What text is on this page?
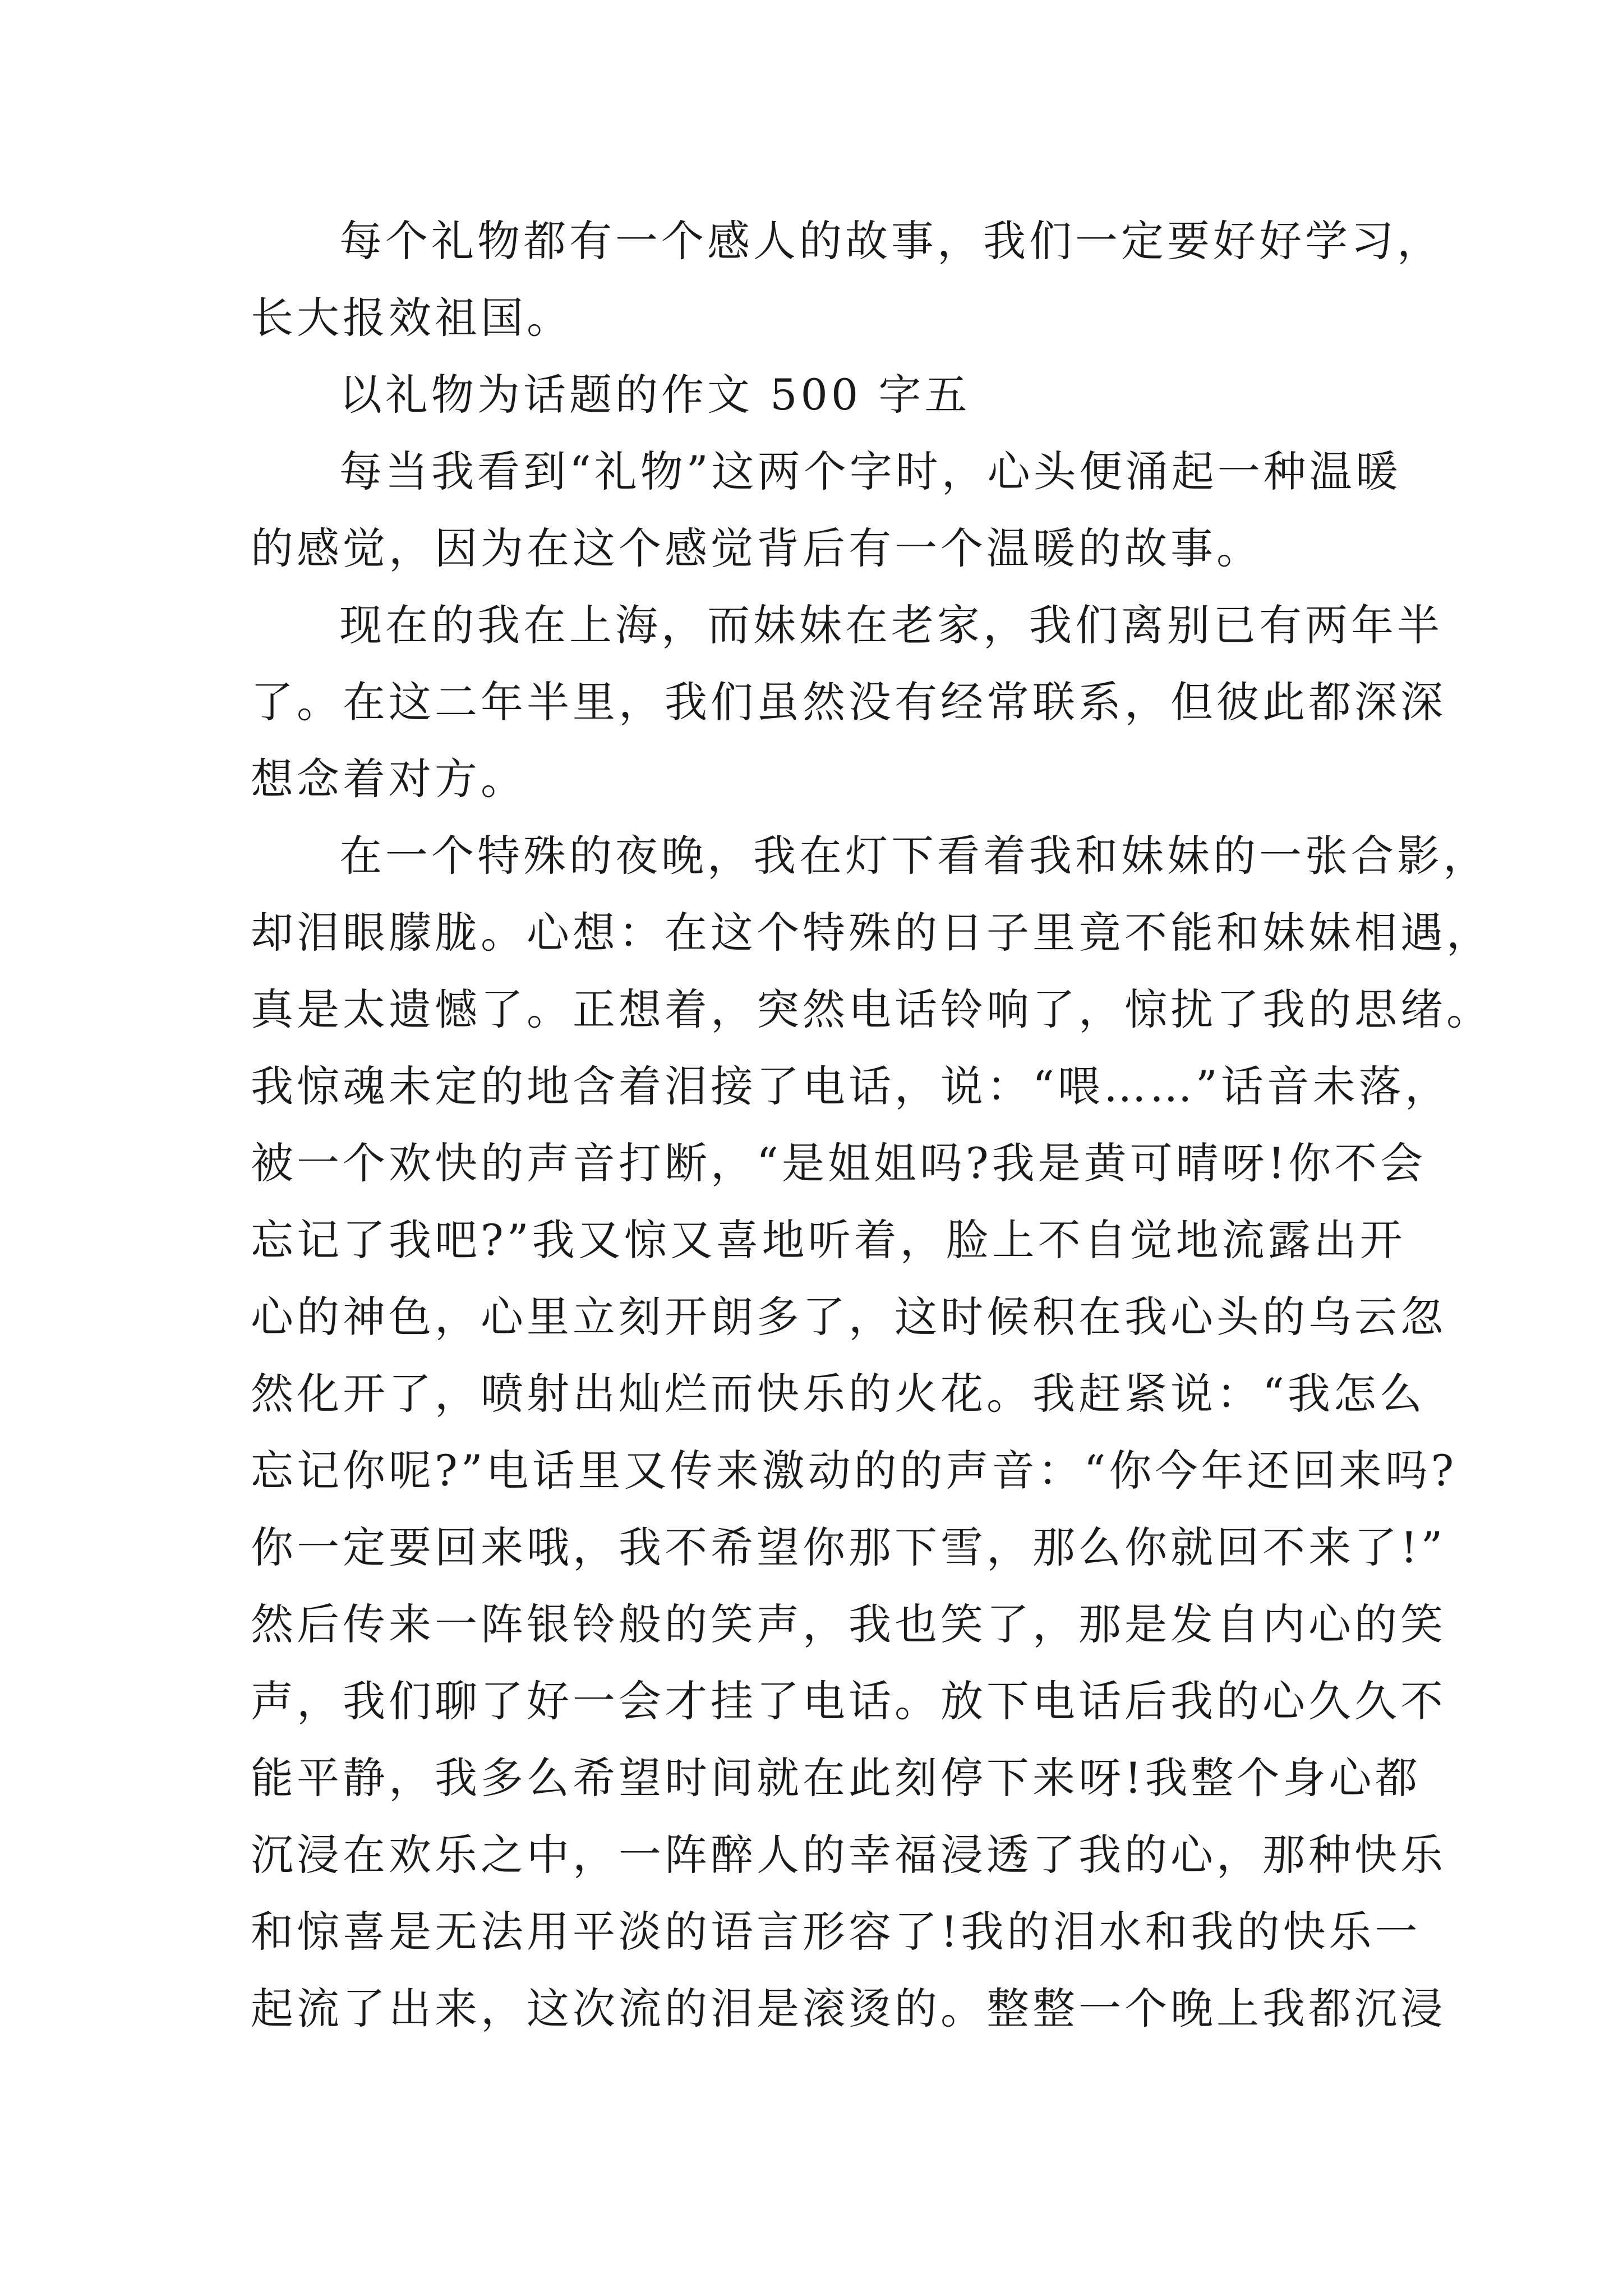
每个礼物都有一个感人的故事，我们一定要好好学习，
长大报效祖国。
以礼物为话题的作文 500 字五
每当我看到“礼物”这两个字时，心头便涌起一种温暖
的感觉，因为在这个感觉背后有一个温暖的故事。
现在的我在上海，而妹妹在老家，我们离别已有两年半
了。在这二年半里，我们虽然没有经常联系，但彼此都深深
想念着对方。
在一个特殊的夜晚，我在灯下看着我和妹妹的一张合影，
却泪眼朦胧。心想：在这个特殊的日子里竟不能和妹妹相遇，
真是太遗憾了。正想着，突然电话铃响了，惊扰了我的思绪。
我惊魂未定的地含着泪接了电话，说：“喂……”话音未落，
被一个欢快的声音打断，“是姐姐吗?我是黄可晴呀!你不会
忘记了我吧?”我又惊又喜地听着，脸上不自觉地流露出开
心的神色，心里立刻开朗多了，这时候积在我心头的乌云忽
然化开了，喷射出灿烂而快乐的火花。我赶紧说：“我怎么
忘记你呢?”电话里又传来激动的的声音：“你今年还回来吗?
你一定要回来哦，我不希望你那下雪，那么你就回不来了!”
然后传来一阵银铃般的笑声，我也笑了，那是发自内心的笑
声，我们聊了好一会才挂了电话。放下电话后我的心久久不
能平静，我多么希望时间就在此刻停下来呀!我整个身心都
沉浸在欢乐之中，一阵醉人的幸福浸透了我的心，那种快乐
和惊喜是无法用平淡的语言形容了!我的泪水和我的快乐一
起流了出来，这次流的泪是滚烫的。整整一个晚上我都沉浸
